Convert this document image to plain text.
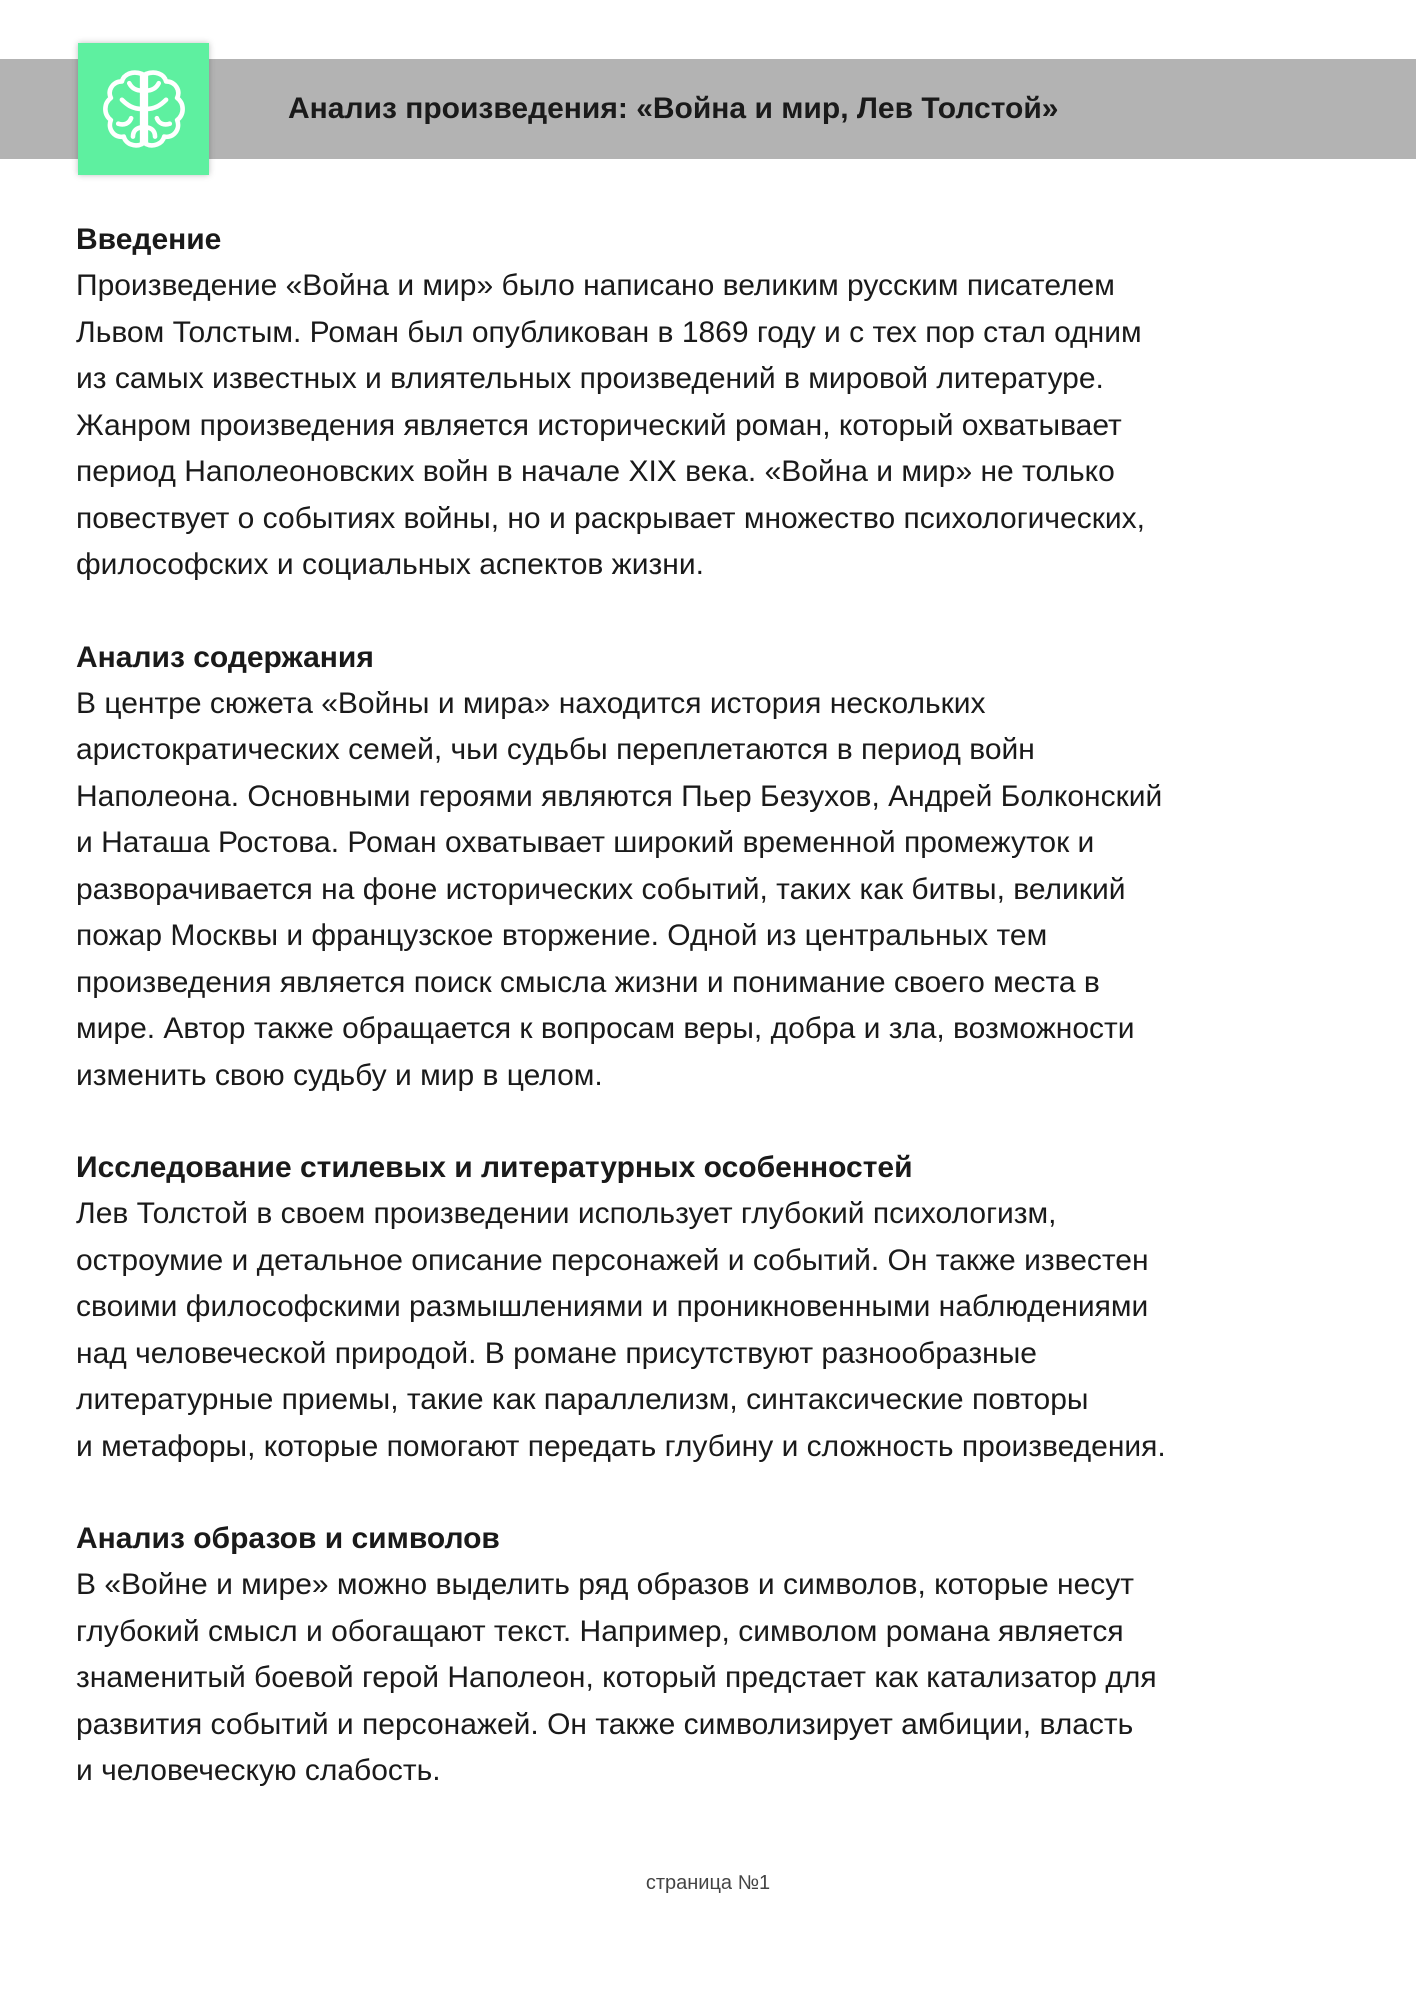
Анализ произведения: «Война и мир, Лев Толстой»

Введение

Произведение «Война и мир» было написано великим русским писателем
Львом Толстым. Роман был опубликован в 1869 году и с тех пор стал одним
из самых известных и влиятельных произведений в мировой литературе.
Жанром произведения является исторический роман, который охватывает
период Наполеоновских войн в начале XIX века. «Война и мир» не только
повествует о событиях войны, но и раскрывает множество психологических,
философских и социальных аспектов жизни.

Анализ содержания

В центре сюжета «Войны и мира» находится история нескольких
аристократических семей, чьи судьбы переплетаются в период войн
Наполеона. Основными героями являются Пьер Безухов, Андрей Болконский
и Наташа Ростова. Роман охватывает широкий временной промежуток и
разворачивается на фоне исторических событий, таких как битвы, великий
пожар Москвы и французское вторжение. Одной из центральных тем
произведения является поиск смысла жизни и понимание своего места в
мире. Автор также обращается к вопросам веры, добра и зла, возможности
изменить свою судьбу и мир в целом.

Исследование стилевых и литературных особенностей

Лев Толстой в своем произведении использует глубокий психологизм,
остроумие и детальное описание персонажей и событий. Он также известен
своими философскими размышлениями и проникновенными наблюдениями
над человеческой природой. В романе присутствуют разнообразные
литературные приемы, такие как параллелизм, синтаксические повторы
и метафоры, которые помогают передать глубину и сложность произведения.

Анализ образов и символов

В «Войне и мире» можно выделить ряд образов и символов, которые несут
глубокий смысл и обогащают текст. Например, символом романа является
знаменитый боевой герой Наполеон, который предстает как катализатор для
развития событий и персонажей. Он также символизирует амбиции, власть
и человеческую слабость.

страница №1
